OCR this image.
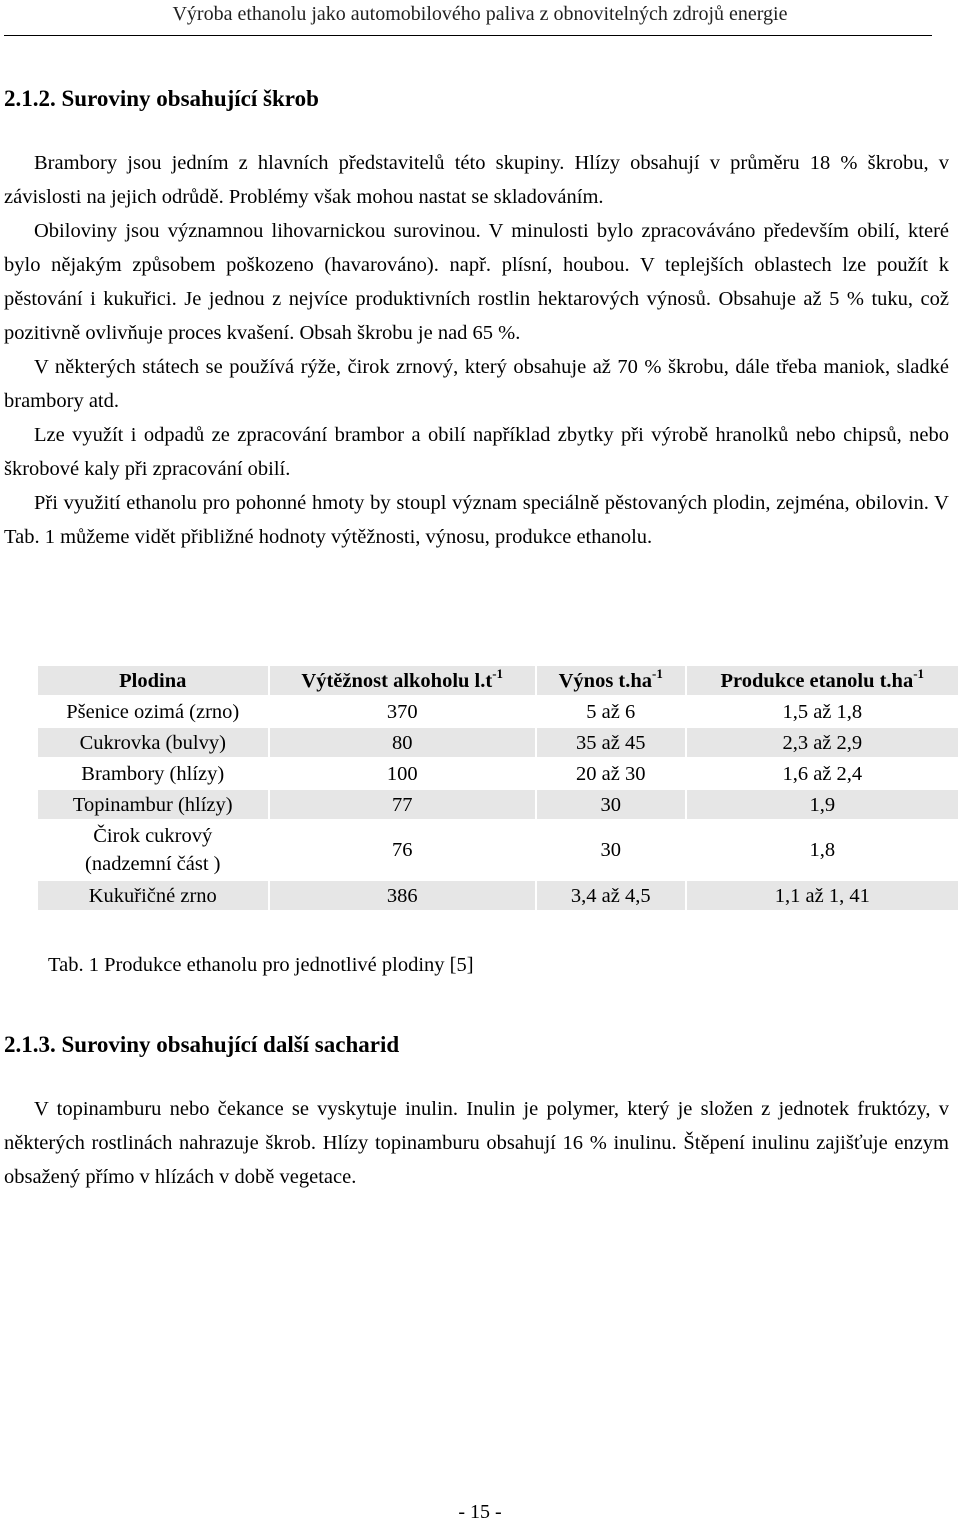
Výroba ethanolu jako automobilového paliva z obnovitelných zdrojů energie
2.1.2. Suroviny obsahující škrob

Brambory jsou jedním z hlavních představitelů této skupiny. Hlízy obsahují v průměru 18 % škrobu, v závislosti na jejich odrůdě. Problémy však mohou nastat se skladováním.

Obiloviny jsou významnou lihovarnickou surovinou. V minulosti bylo zpracováváno především obilí, které bylo nějakým způsobem poškozeno (havarováno). např. plísní, houbou. V teplejších oblastech lze použít k pěstování i kukuřici. Je jednou z nejvíce produktivních rostlin hektarových výnosů. Obsahuje až 5 % tuku, což pozitivně ovlivňuje proces kvašení. Obsah škrobu je nad 65 %.

V některých státech se používá rýže, čirok zrnový, který obsahuje až 70 % škrobu, dále třeba maniok, sladké brambory atd.

Lze využít i odpadů ze zpracování brambor a obilí například zbytky při výrobě hranolků nebo chipsů, nebo škrobové kaly při zpracování obilí.

Při využití ethanolu pro pohonné hmoty by stoupl význam speciálně pěstovaných plodin, zejména, obilovin. V Tab. 1 můžeme vidět přibližné hodnoty výtěžnosti, výnosu, produkce ethanolu.

Plodina	Výtěžnost alkoholu $l.t^{-1}$	Výnos $t.ha^{-1}$	Produkce etanolu $t.ha^{-1}$
Pšenice ozimá (zrno)	370	5 až 6	1,5 až 1,8
Cukrovka (bulvy)	80	35 až 45	2,3 až 2,9
Brambory (hlízy)	100	20 až 30	1,6 až 2,4
Topinambur (hlízy)	77	30	1,9
Čirok cukrový
(nadzemní část )	76	30	1,8
Kukuřičné zrno	386	3,4 až 4,5	1,1 až 1, 41
Tab. 1 Produkce ethanolu pro jednotlivé plodiny [5]
2.1.3. Suroviny obsahující další sacharid

V topinamburu nebo čekance se vyskytuje inulin. Inulin je polymer, který je složen z jednotek fruktózy, v některých rostlinách nahrazuje škrob. Hlízy topinamburu obsahují 16 % inulinu. Štěpení inulinu zajišťuje enzym obsažený přímo v hlízách v době vegetace.

- 15 -
